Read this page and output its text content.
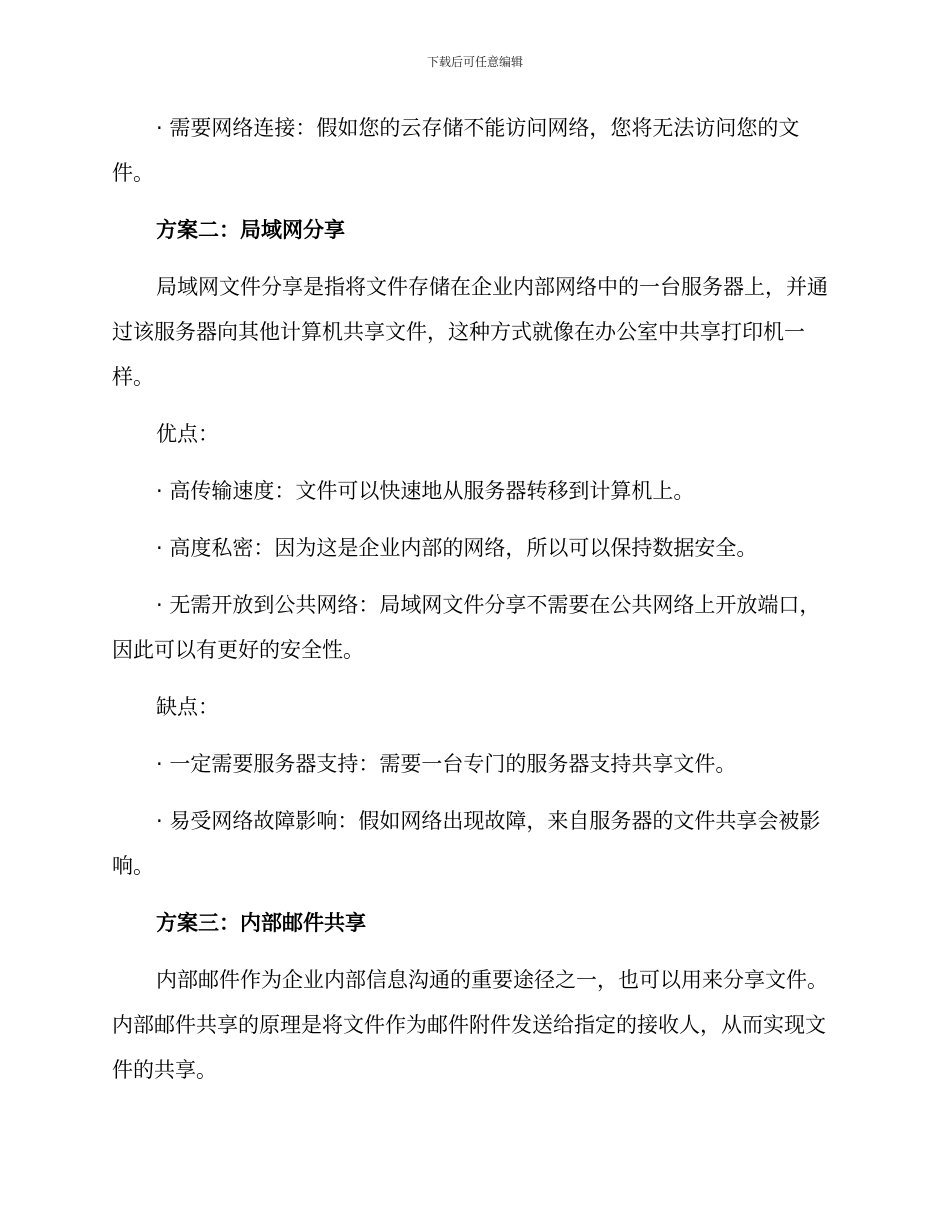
下载后可任意编辑

· 需要网络连接：假如您的云存储不能访问网络，您将无法访问您的文件。

方案二：局域网分享

局域网文件分享是指将文件存储在企业内部网络中的一台服务器上，并通过该服务器向其他计算机共享文件，这种方式就像在办公室中共享打印机一样。

优点：

· 高传输速度：文件可以快速地从服务器转移到计算机上。

· 高度私密：因为这是企业内部的网络，所以可以保持数据安全。

· 无需开放到公共网络：局域网文件分享不需要在公共网络上开放端口，因此可以有更好的安全性。

缺点：

· 一定需要服务器支持：需要一台专门的服务器支持共享文件。

· 易受网络故障影响：假如网络出现故障，来自服务器的文件共享会被影响。

方案三：内部邮件共享

内部邮件作为企业内部信息沟通的重要途径之一，也可以用来分享文件。内部邮件共享的原理是将文件作为邮件附件发送给指定的接收人，从而实现文件的共享。
